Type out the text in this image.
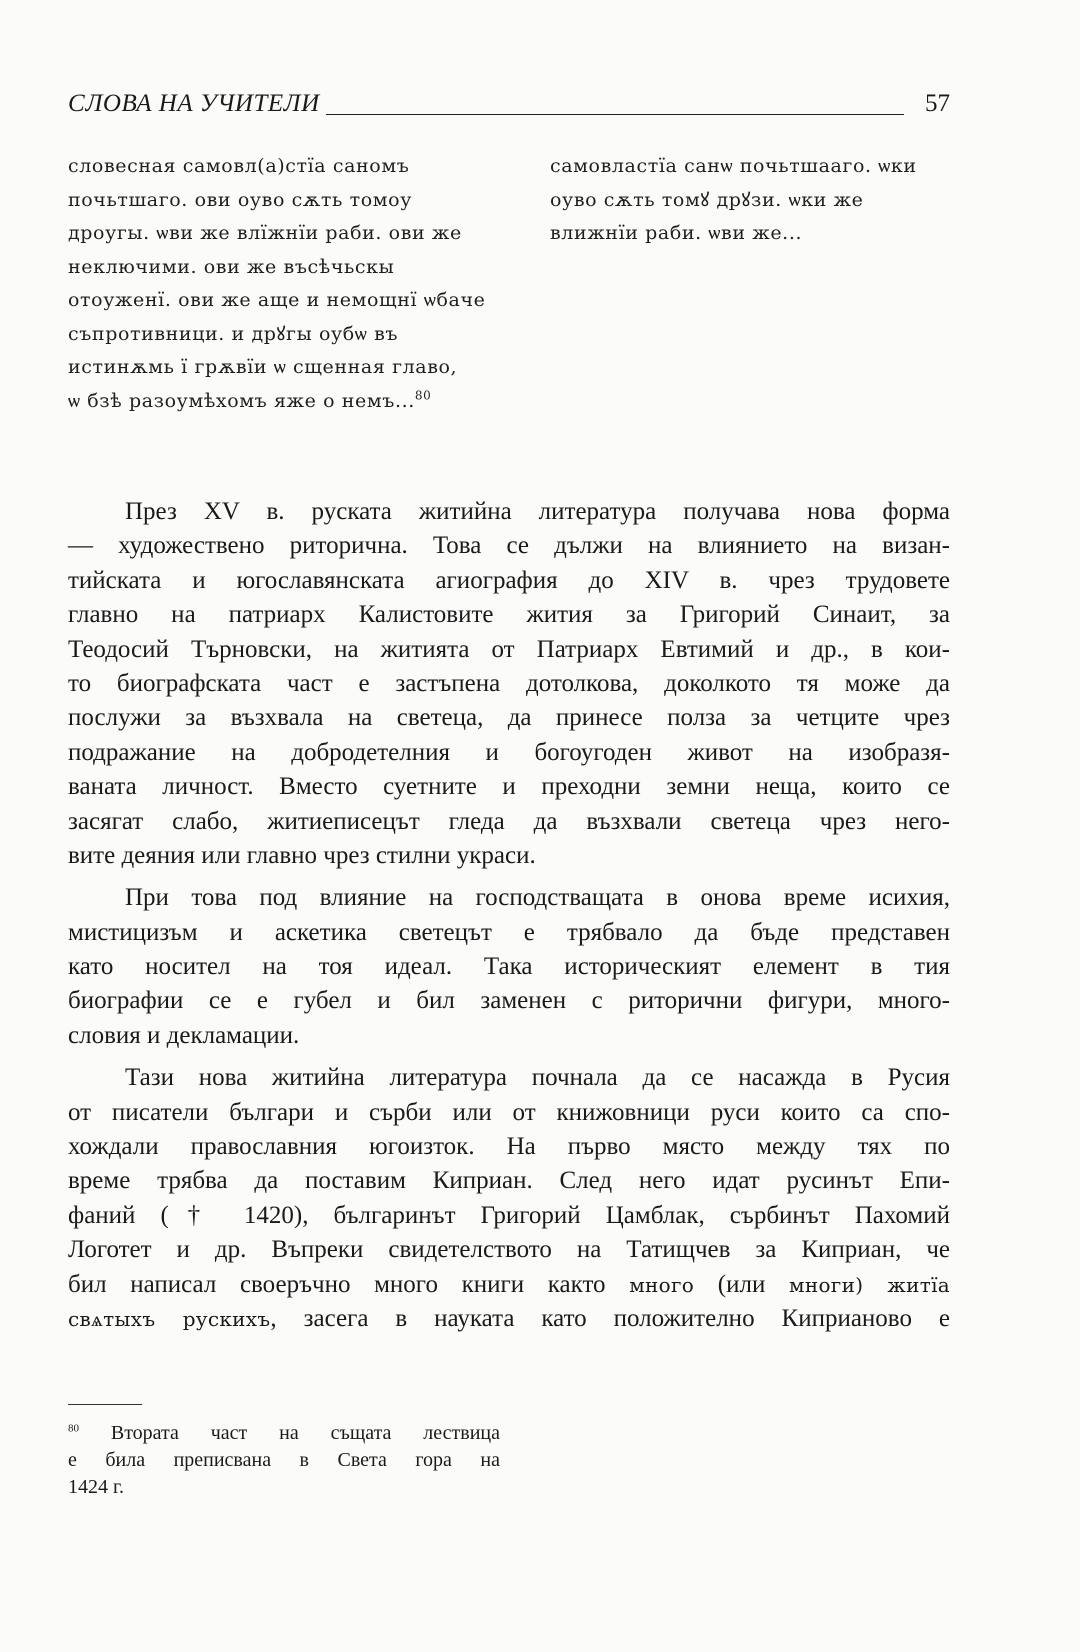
СЛОВА НА УЧИТЕЛИ	57
словесная самовл(а)стїа саномъ
почьтшаго. ови оуво сѫть томоу
дроугы. ѡви же влїжнїи раби. ови же
неключими. ови же въсѣчьскы
отоуженї. ови же аще и немощнї ѡбаче
съпротивници. и дрꙋгы оубѡ въ
истинѫмь ї грѫвїи ѡ сщенная главо,
ѡ бзѣ разоумѣхомъ яже о немъ...$^{80}$
самовластїа санѡ почьтшааго. ѡки
оуво сѫть томꙋ дрꙋзи. ѡки же
влижнїи раби. ѡви же...

През XV в. руската житийна литература получава нова форма
— художествено риторична. Това се дължи на влиянието на визан-
тийската и югославянската агиография до XIV в. чрез трудовете
главно на патриарх Калистовите жития за Григорий Синаит, за
Теодосий Търновски, на житията от Патриарх Евтимий и др., в кои-
то биографската част е застъпена дотолкова, доколкото тя може да
послужи за възхвала на светеца, да принесе полза за четците чрез
подражание на добродетелния и богоугоден живот на изобразя-
ваната личност. Вместо суетните и преходни земни неща, които се
засягат слабо, житиеписецът гледа да възхвали светеца чрез него-
вите деяния или главно чрез стилни украси.

При това под влияние на господстващата в онова време исихия,
мистицизъм и аскетика светецът е трябвало да бъде представен
като носител на тоя идеал. Така историческият елемент в тия
биографии се е губел и бил заменен с риторични фигури, много-
словия и декламации.

Тази нова житийна литература почнала да се насажда в Русия
от писатели българи и сърби или от книжовници руси които са спо-
хождали православния югоизток. На първо място между тях по
време трябва да поставим Киприан. След него идат русинът Епи-
фаний († 1420), българинът Григорий Цамблак, сърбинът Пахомий
Логотет и др. Въпреки свидетелството на Татищчев за Киприан, че
бил написал своеръчно много книги както много (или многи) житїа
свѧтыхъ рускихъ, засега в науката като положително Киприаново е

$^{80}$ Втората част на същата лествица
е била преписвана в Света гора на
1424 г.
